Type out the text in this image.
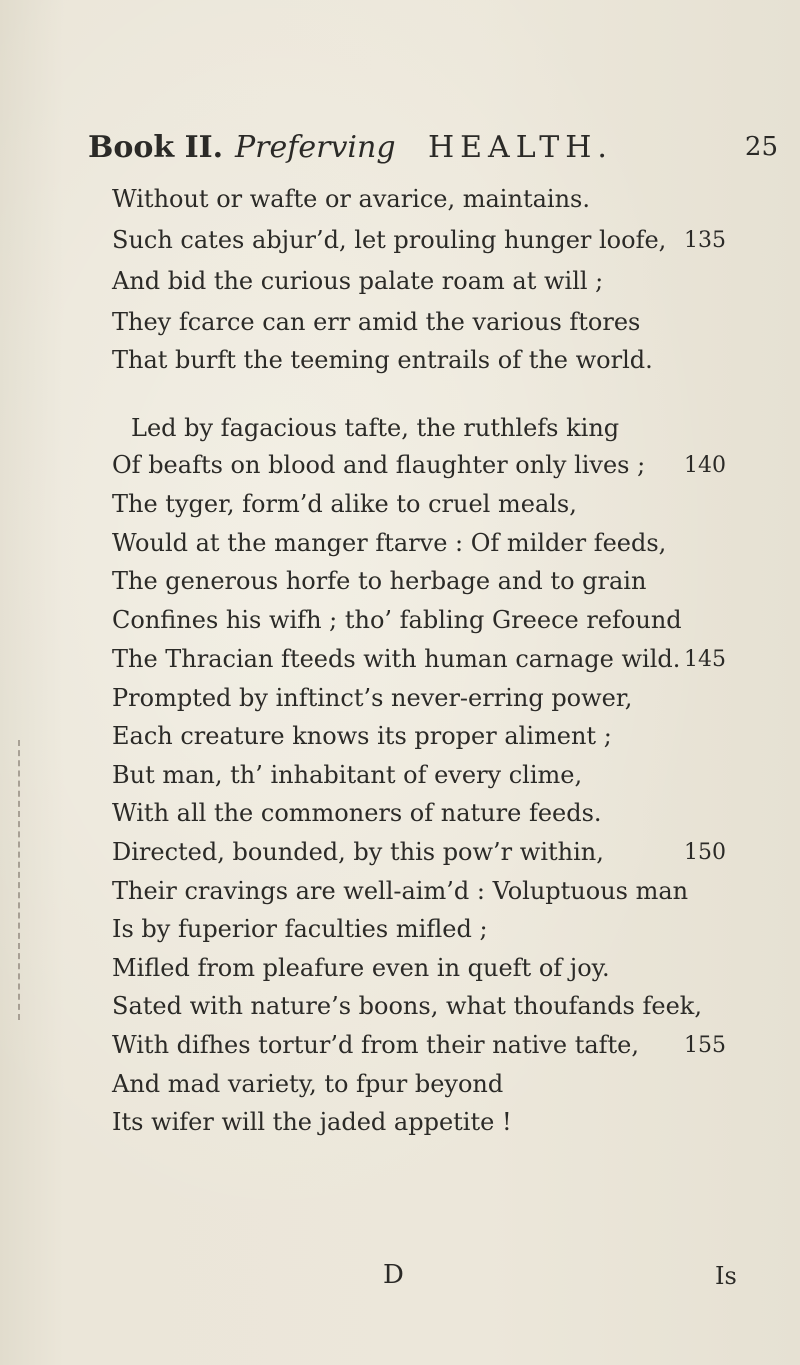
Book II. Preferving HEALTH.	25
Without or wafte or avarice, maintains.
Such cates abjur’d, let prouling hunger loofe, 135
And bid the curious palate roam at will ;
They fcarce can err amid the various ftores
That burft the teeming entrails of the world.
Led by fagacious tafte, the ruthlefs king
Of beafts on blood and flaughter only lives ; 140
The tyger, form’d alike to cruel meals,
Would at the manger ftarve : Of milder feeds,
The generous horfe to herbage and to grain
Confines his wifh ; tho’ fabling Greece refound
The Thracian fteeds with human carnage wild. 145
Prompted by inftinct’s never-erring power,
Each creature knows its proper aliment ;
But man, th’ inhabitant of every clime,
With all the commoners of nature feeds.
Directed, bounded, by this pow’r within,	150
Their cravings are well-aim’d : Voluptuous man
Is by fuperior faculties mifled ;
Mifled from pleafure even in queft of joy.
Sated with nature’s boons, what thoufands feek,
With difhes tortur’d from their native tafte, 155
And mad variety, to fpur beyond
Its wifer will the jaded appetite !
D	Is
